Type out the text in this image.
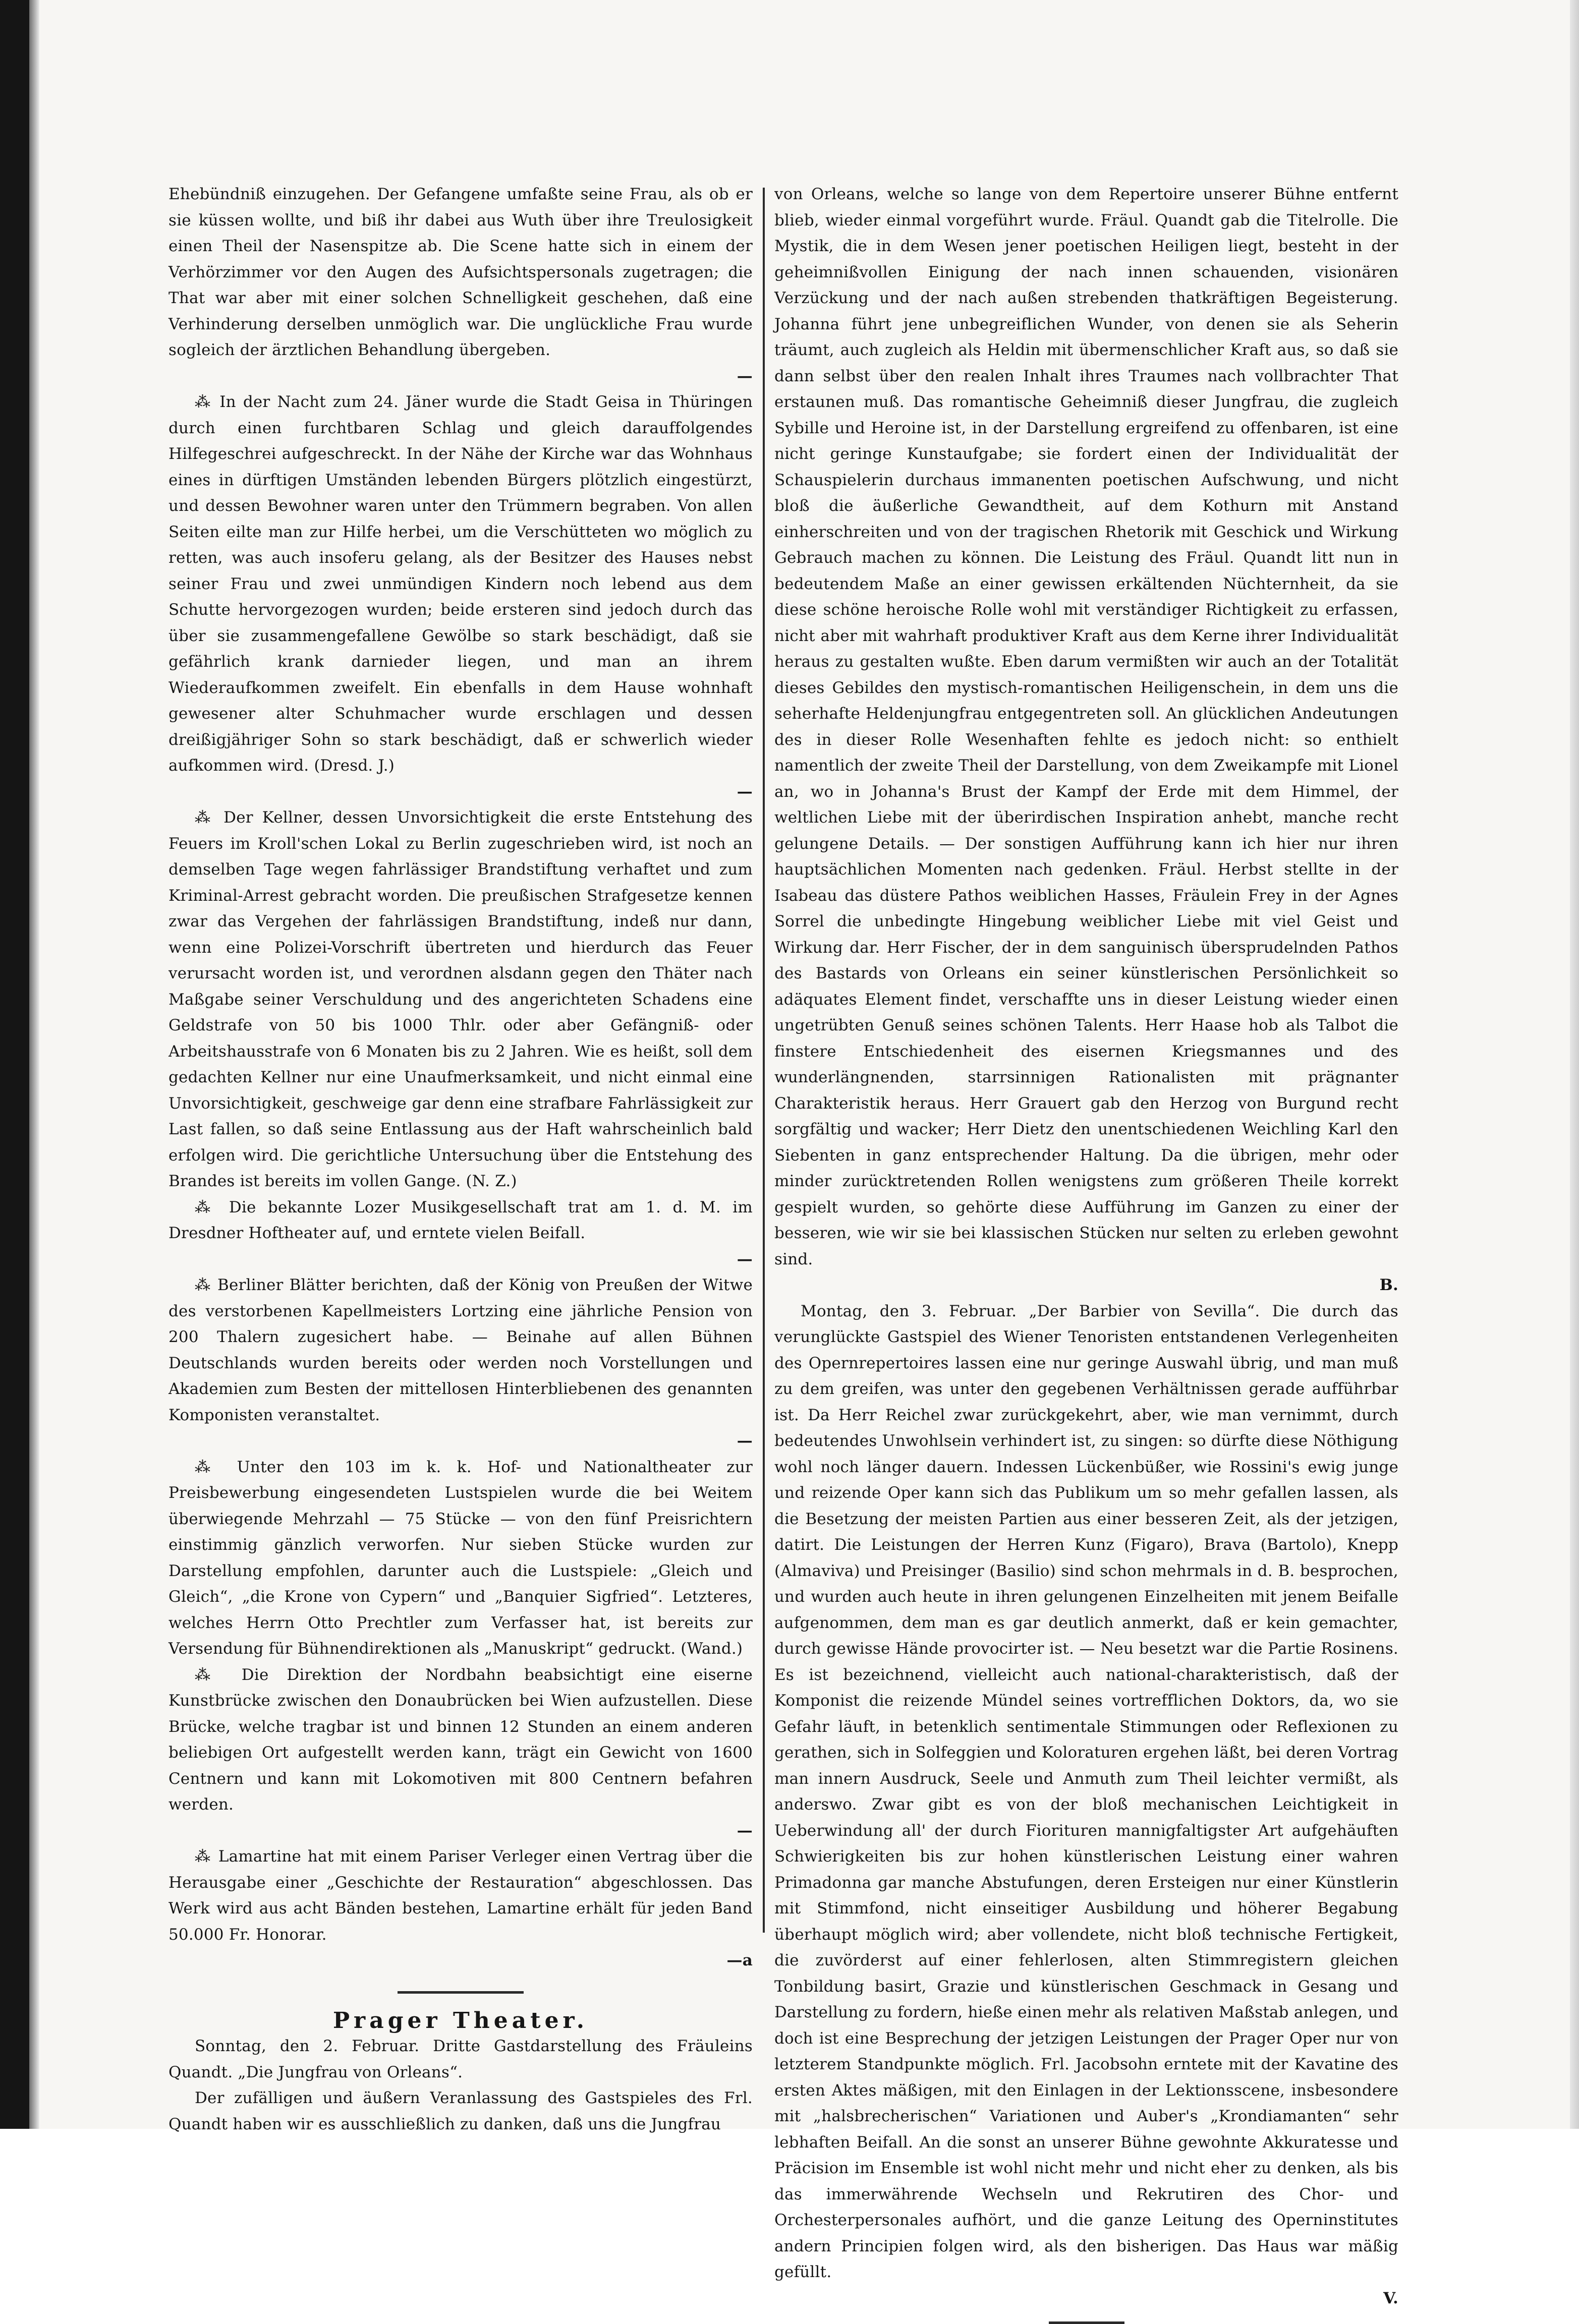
Ehebündniß einzugehen. Der Gefangene umfaßte seine Frau, als ob er sie küssen wollte, und biß ihr dabei aus Wuth über ihre Treulosigkeit einen Theil der Nasenspitze ab. Die Scene hatte sich in einem der Verhörzimmer vor den Augen des Aufsichtspersonals zugetragen; die That war aber mit einer solchen Schnelligkeit geschehen, daß eine Verhinderung derselben unmöglich war. Die unglückliche Frau wurde sogleich der ärztlichen Behandlung übergeben.

—

⁂ In der Nacht zum 24. Jäner wurde die Stadt Geisa in Thüringen durch einen furchtbaren Schlag und gleich darauffolgendes Hilfegeschrei aufgeschreckt. In der Nähe der Kirche war das Wohnhaus eines in dürftigen Umständen lebenden Bürgers plötzlich eingestürzt, und dessen Bewohner waren unter den Trümmern begraben. Von allen Seiten eilte man zur Hilfe herbei, um die Verschütteten wo möglich zu retten, was auch insoferu gelang, als der Besitzer des Hauses nebst seiner Frau und zwei unmündigen Kindern noch lebend aus dem Schutte hervorgezogen wurden; beide ersteren sind jedoch durch das über sie zusammengefallene Gewölbe so stark beschädigt, daß sie gefährlich krank darnieder liegen, und man an ihrem Wiederaufkommen zweifelt. Ein ebenfalls in dem Hause wohnhaft gewesener alter Schuhmacher wurde erschlagen und dessen dreißigjähriger Sohn so stark beschädigt, daß er schwerlich wieder aufkommen wird. (Dresd. J.)

—

⁂ Der Kellner, dessen Unvorsichtigkeit die erste Entstehung des Feuers im Kroll'schen Lokal zu Berlin zugeschrieben wird, ist noch an demselben Tage wegen fahrlässiger Brandstiftung verhaftet und zum Kriminal-Arrest gebracht worden. Die preußischen Strafgesetze kennen zwar das Vergehen der fahrlässigen Brandstiftung, indeß nur dann, wenn eine Polizei-Vorschrift übertreten und hierdurch das Feuer verursacht worden ist, und verordnen alsdann gegen den Thäter nach Maßgabe seiner Verschuldung und des angerichteten Schadens eine Geldstrafe von 50 bis 1000 Thlr. oder aber Gefängniß- oder Arbeitshausstrafe von 6 Monaten bis zu 2 Jahren. Wie es heißt, soll dem gedachten Kellner nur eine Unaufmerksamkeit, und nicht einmal eine Unvorsichtigkeit, geschweige gar denn eine strafbare Fahrlässigkeit zur Last fallen, so daß seine Entlassung aus der Haft wahrscheinlich bald erfolgen wird. Die gerichtliche Untersuchung über die Entstehung des Brandes ist bereits im vollen Gange. (N. Z.)

⁂ Die bekannte Lozer Musikgesellschaft trat am 1. d. M. im Dresdner Hoftheater auf, und erntete vielen Beifall.

—

⁂ Berliner Blätter berichten, daß der König von Preußen der Witwe des verstorbenen Kapellmeisters Lortzing eine jährliche Pension von 200 Thalern zugesichert habe. — Beinahe auf allen Bühnen Deutschlands wurden bereits oder werden noch Vorstellungen und Akademien zum Besten der mittellosen Hinterbliebenen des genannten Komponisten veranstaltet.

—

⁂ Unter den 103 im k. k. Hof- und Nationaltheater zur Preisbewerbung eingesendeten Lustspielen wurde die bei Weitem überwiegende Mehrzahl — 75 Stücke — von den fünf Preisrichtern einstimmig gänzlich verworfen. Nur sieben Stücke wurden zur Darstellung empfohlen, darunter auch die Lustspiele: „Gleich und Gleich“, „die Krone von Cypern“ und „Banquier Sigfried“. Letzteres, welches Herrn Otto Prechtler zum Verfasser hat, ist bereits zur Versendung für Bühnendirektionen als „Manuskript“ gedruckt. (Wand.)

⁂ Die Direktion der Nordbahn beabsichtigt eine eiserne Kunstbrücke zwischen den Donaubrücken bei Wien aufzustellen. Diese Brücke, welche tragbar ist und binnen 12 Stunden an einem anderen beliebigen Ort aufgestellt werden kann, trägt ein Gewicht von 1600 Centnern und kann mit Lokomotiven mit 800 Centnern befahren werden.

—

⁂ Lamartine hat mit einem Pariser Verleger einen Vertrag über die Herausgabe einer „Geschichte der Restauration“ abgeschlossen. Das Werk wird aus acht Bänden bestehen, Lamartine erhält für jeden Band 50.000 Fr. Honorar.

—a

Prager Theater.

Sonntag, den 2. Februar. Dritte Gastdarstellung des Fräuleins Quandt. „Die Jungfrau von Orleans“.

Der zufälligen und äußern Veranlassung des Gastspieles des Frl. Quandt haben wir es ausschließlich zu danken, daß uns die Jungfrau

von Orleans, welche so lange von dem Repertoire unserer Bühne entfernt blieb, wieder einmal vorgeführt wurde. Fräul. Quandt gab die Titelrolle. Die Mystik, die in dem Wesen jener poetischen Heiligen liegt, besteht in der geheimnißvollen Einigung der nach innen schauenden, visionären Verzückung und der nach außen strebenden thatkräftigen Begeisterung. Johanna führt jene unbegreiflichen Wunder, von denen sie als Seherin träumt, auch zugleich als Heldin mit übermenschlicher Kraft aus, so daß sie dann selbst über den realen Inhalt ihres Traumes nach vollbrachter That erstaunen muß. Das romantische Geheimniß dieser Jungfrau, die zugleich Sybille und Heroine ist, in der Darstellung ergreifend zu offenbaren, ist eine nicht geringe Kunstaufgabe; sie fordert einen der Individualität der Schauspielerin durchaus immanenten poetischen Aufschwung, und nicht bloß die äußerliche Gewandtheit, auf dem Kothurn mit Anstand einherschreiten und von der tragischen Rhetorik mit Geschick und Wirkung Gebrauch machen zu können. Die Leistung des Fräul. Quandt litt nun in bedeutendem Maße an einer gewissen erkältenden Nüchternheit, da sie diese schöne heroische Rolle wohl mit verständiger Richtigkeit zu erfassen, nicht aber mit wahrhaft produktiver Kraft aus dem Kerne ihrer Individualität heraus zu gestalten wußte. Eben darum vermißten wir auch an der Totalität dieses Gebildes den mystisch-romantischen Heiligenschein, in dem uns die seherhafte Heldenjungfrau entgegentreten soll. An glücklichen Andeutungen des in dieser Rolle Wesenhaften fehlte es jedoch nicht: so enthielt namentlich der zweite Theil der Darstellung, von dem Zweikampfe mit Lionel an, wo in Johanna's Brust der Kampf der Erde mit dem Himmel, der weltlichen Liebe mit der überirdischen Inspiration anhebt, manche recht gelungene Details. — Der sonstigen Aufführung kann ich hier nur ihren hauptsächlichen Momenten nach gedenken. Fräul. Herbst stellte in der Isabeau das düstere Pathos weiblichen Hasses, Fräulein Frey in der Agnes Sorrel die unbedingte Hingebung weiblicher Liebe mit viel Geist und Wirkung dar. Herr Fischer, der in dem sanguinisch übersprudelnden Pathos des Bastards von Orleans ein seiner künstlerischen Persönlichkeit so adäquates Element findet, verschaffte uns in dieser Leistung wieder einen ungetrübten Genuß seines schönen Talents. Herr Haase hob als Talbot die finstere Entschiedenheit des eisernen Kriegsmannes und des wunderlängnenden, starrsinnigen Rationalisten mit prägnanter Charakteristik heraus. Herr Grauert gab den Herzog von Burgund recht sorgfältig und wacker; Herr Dietz den unentschiedenen Weichling Karl den Siebenten in ganz entsprechender Haltung. Da die übrigen, mehr oder minder zurücktretenden Rollen wenigstens zum größeren Theile korrekt gespielt wurden, so gehörte diese Aufführung im Ganzen zu einer der besseren, wie wir sie bei klassischen Stücken nur selten zu erleben gewohnt sind.

B.

Montag, den 3. Februar. „Der Barbier von Sevilla“. Die durch das verunglückte Gastspiel des Wiener Tenoristen entstandenen Verlegenheiten des Opernrepertoires lassen eine nur geringe Auswahl übrig, und man muß zu dem greifen, was unter den gegebenen Verhältnissen gerade aufführbar ist. Da Herr Reichel zwar zurückgekehrt, aber, wie man vernimmt, durch bedeutendes Unwohlsein verhindert ist, zu singen: so dürfte diese Nöthigung wohl noch länger dauern. Indessen Lückenbüßer, wie Rossini's ewig junge und reizende Oper kann sich das Publikum um so mehr gefallen lassen, als die Besetzung der meisten Partien aus einer besseren Zeit, als der jetzigen, datirt. Die Leistungen der Herren Kunz (Figaro), Brava (Bartolo), Knepp (Almaviva) und Preisinger (Basilio) sind schon mehrmals in d. B. besprochen, und wurden auch heute in ihren gelungenen Einzelheiten mit jenem Beifalle aufgenommen, dem man es gar deutlich anmerkt, daß er kein gemachter, durch gewisse Hände provocirter ist. — Neu besetzt war die Partie Rosinens. Es ist bezeichnend, vielleicht auch national-charakteristisch, daß der Komponist die reizende Mündel seines vortrefflichen Doktors, da, wo sie Gefahr läuft, in betenklich sentimentale Stimmungen oder Reflexionen zu gerathen, sich in Solfeggien und Koloraturen ergehen läßt, bei deren Vortrag man innern Ausdruck, Seele und Anmuth zum Theil leichter vermißt, als anderswo. Zwar gibt es von der bloß mechanischen Leichtigkeit in Ueberwindung all' der durch Fiorituren mannigfaltigster Art aufgehäuften Schwierigkeiten bis zur hohen künstlerischen Leistung einer wahren Primadonna gar manche Abstufungen, deren Ersteigen nur einer Künstlerin mit Stimmfond, nicht einseitiger Ausbildung und höherer Begabung überhaupt möglich wird; aber vollendete, nicht bloß technische Fertigkeit, die zuvörderst auf einer fehlerlosen, alten Stimmregistern gleichen Tonbildung basirt, Grazie und künstlerischen Geschmack in Gesang und Darstellung zu fordern, hieße einen mehr als relativen Maßstab anlegen, und doch ist eine Besprechung der jetzigen Leistungen der Prager Oper nur von letzterem Standpunkte möglich. Frl. Jacobsohn erntete mit der Kavatine des ersten Aktes mäßigen, mit den Einlagen in der Lektionsscene, insbesondere mit „halsbrecherischen“ Variationen und Auber's „Krondiamanten“ sehr lebhaften Beifall. An die sonst an unserer Bühne gewohnte Akkuratesse und Präcision im Ensemble ist wohl nicht mehr und nicht eher zu denken, als bis das immerwährende Wechseln und Rekrutiren des Chor- und Orchesterpersonales aufhört, und die ganze Leitung des Operninstitutes andern Principien folgen wird, als den bisherigen. Das Haus war mäßig gefüllt.

V.
